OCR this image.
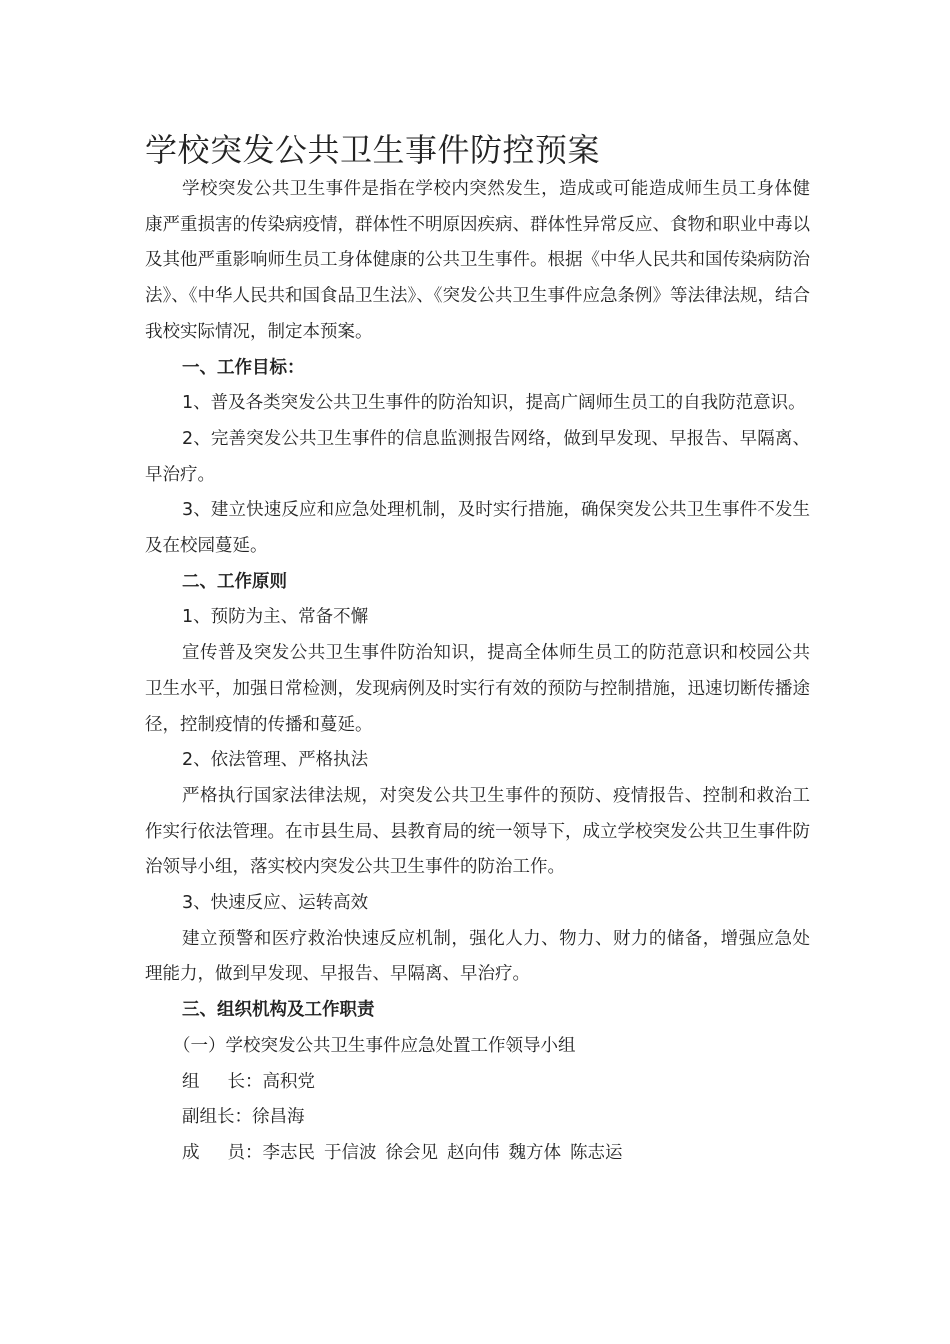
学校突发公共卫生事件防控预案

学校突发公共卫生事件是指在学校内突然发生，造成或可能造成师生员工身体健康严重损害的传染病疫情，群体性不明原因疾病、群体性异常反应、食物和职业中毒以及其他严重影响师生员工身体健康的公共卫生事件。根据《中华人民共和国传染病防治法》、《中华人民共和国食品卫生法》、《突发公共卫生事件应急条例》等法律法规，结合我校实际情况，制定本预案。

一、工作目标：

1、普及各类突发公共卫生事件的防治知识，提高广阔师生员工的自我防范意识。

2、完善突发公共卫生事件的信息监测报告网络，做到早发现、早报告、早隔离、早治疗。

3、建立快速反应和应急处理机制，及时实行措施，确保突发公共卫生事件不发生及在校园蔓延。

二、工作原则

1、预防为主、常备不懈

宣传普及突发公共卫生事件防治知识，提高全体师生员工的防范意识和校园公共卫生水平，加强日常检测，发现病例及时实行有效的预防与控制措施，迅速切断传播途径，控制疫情的传播和蔓延。

2、依法管理、严格执法

严格执行国家法律法规，对突发公共卫生事件的预防、疫情报告、控制和救治工作实行依法管理。在市县生局、县教育局的统一领导下，成立学校突发公共卫生事件防治领导小组，落实校内突发公共卫生事件的防治工作。

3、快速反应、运转高效

建立预警和医疗救治快速反应机制，强化人力、物力、财力的储备，增强应急处理能力，做到早发现、早报告、早隔离、早治疗。

三、组织机构及工作职责

（一）学校突发公共卫生事件应急处置工作领导小组

组 长：高积党
副组长：徐昌海
成 员：李志民 于信波 徐会见 赵向伟 魏方体 陈志运
